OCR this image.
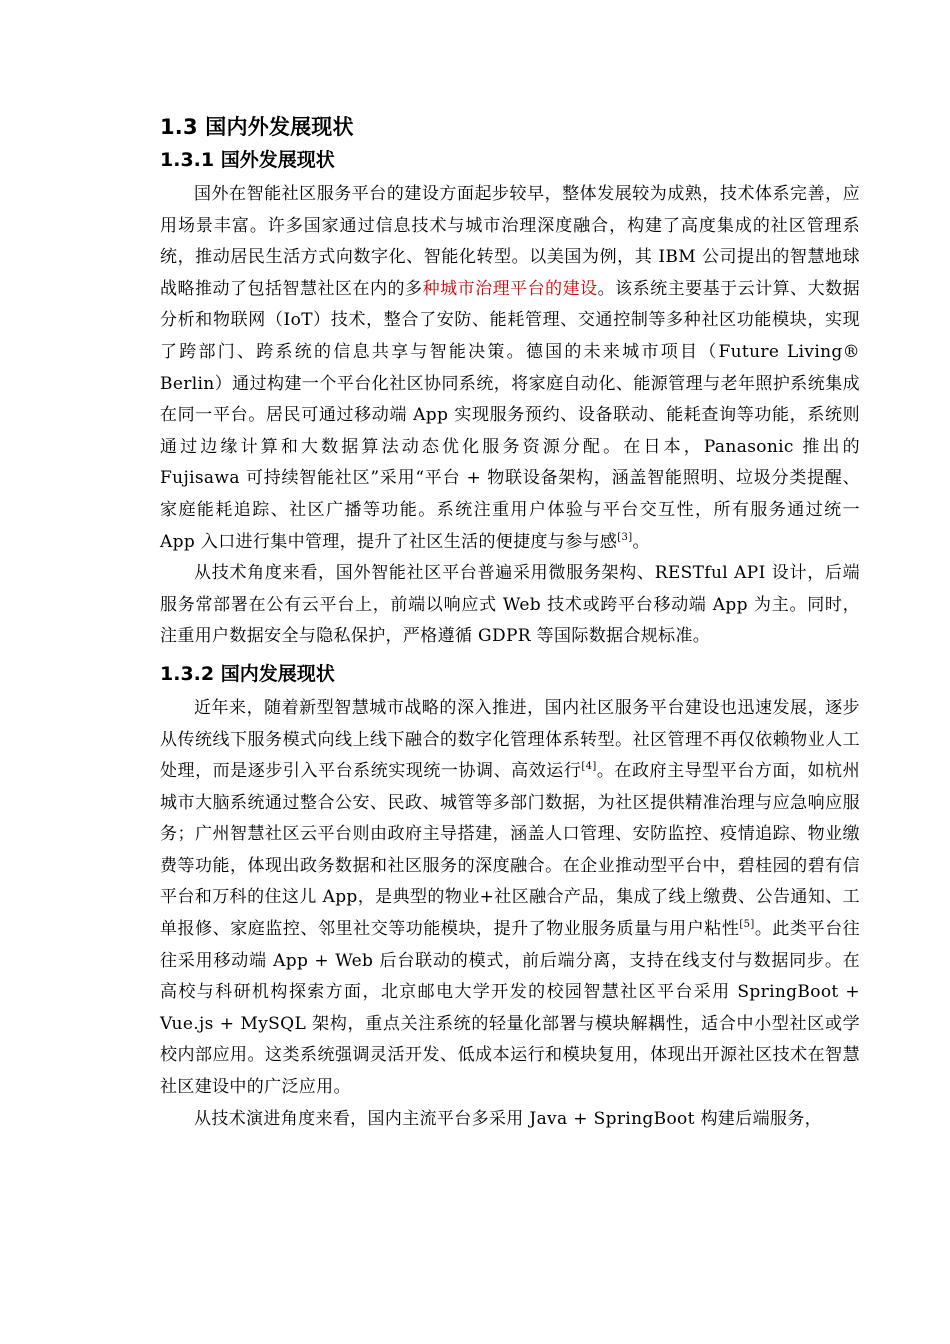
1.3 国内外发展现状
1.3.1 国外发展现状

国外在智能社区服务平台的建设方面起步较早，整体发展较为成熟，技术体系完善，应用场景丰富。许多国家通过信息技术与城市治理深度融合，构建了高度集成的社区管理系统，推动居民生活方式向数字化、智能化转型。以美国为例，其 IBM 公司提出的智慧地球战略推动了包括智慧社区在内的多种城市治理平台的建设。该系统主要基于云计算、大数据分析和物联网（IoT）技术，整合了安防、能耗管理、交通控制等多种社区功能模块，实现了跨部门、跨系统的信息共享与智能决策。德国的未来城市项目（Future Living® Berlin）通过构建一个平台化社区协同系统，将家庭自动化、能源管理与老年照护系统集成在同一平台。居民可通过移动端 App 实现服务预约、设备联动、能耗查询等功能，系统则通过边缘计算和大数据算法动态优化服务资源分配。在日本，Panasonic 推出的 Fujisawa 可持续智能社区”采用“平台 + 物联设备架构，涵盖智能照明、垃圾分类提醒、家庭能耗追踪、社区广播等功能。系统注重用户体验与平台交互性，所有服务通过统一 App 入口进行集中管理，提升了社区生活的便捷度与参与感[3]。

从技术角度来看，国外智能社区平台普遍采用微服务架构、RESTful API 设计，后端服务常部署在公有云平台上，前端以响应式 Web 技术或跨平台移动端 App 为主。同时，注重用户数据安全与隐私保护，严格遵循 GDPR 等国际数据合规标准。

1.3.2 国内发展现状

近年来，随着新型智慧城市战略的深入推进，国内社区服务平台建设也迅速发展，逐步从传统线下服务模式向线上线下融合的数字化管理体系转型。社区管理不再仅依赖物业人工处理，而是逐步引入平台系统实现统一协调、高效运行[4]。在政府主导型平台方面，如杭州城市大脑系统通过整合公安、民政、城管等多部门数据，为社区提供精准治理与应急响应服务；广州智慧社区云平台则由政府主导搭建，涵盖人口管理、安防监控、疫情追踪、物业缴费等功能，体现出政务数据和社区服务的深度融合。在企业推动型平台中，碧桂园的碧有信平台和万科的住这儿 App，是典型的物业+社区融合产品，集成了线上缴费、公告通知、工单报修、家庭监控、邻里社交等功能模块，提升了物业服务质量与用户粘性[5]。此类平台往往采用移动端 App + Web 后台联动的模式，前后端分离，支持在线支付与数据同步。在高校与科研机构探索方面，北京邮电大学开发的校园智慧社区平台采用 SpringBoot + Vue.js + MySQL 架构，重点关注系统的轻量化部署与模块解耦性，适合中小型社区或学校内部应用。这类系统强调灵活开发、低成本运行和模块复用，体现出开源社区技术在智慧社区建设中的广泛应用。

从技术演进角度来看，国内主流平台多采用 Java + SpringBoot 构建后端服务，
